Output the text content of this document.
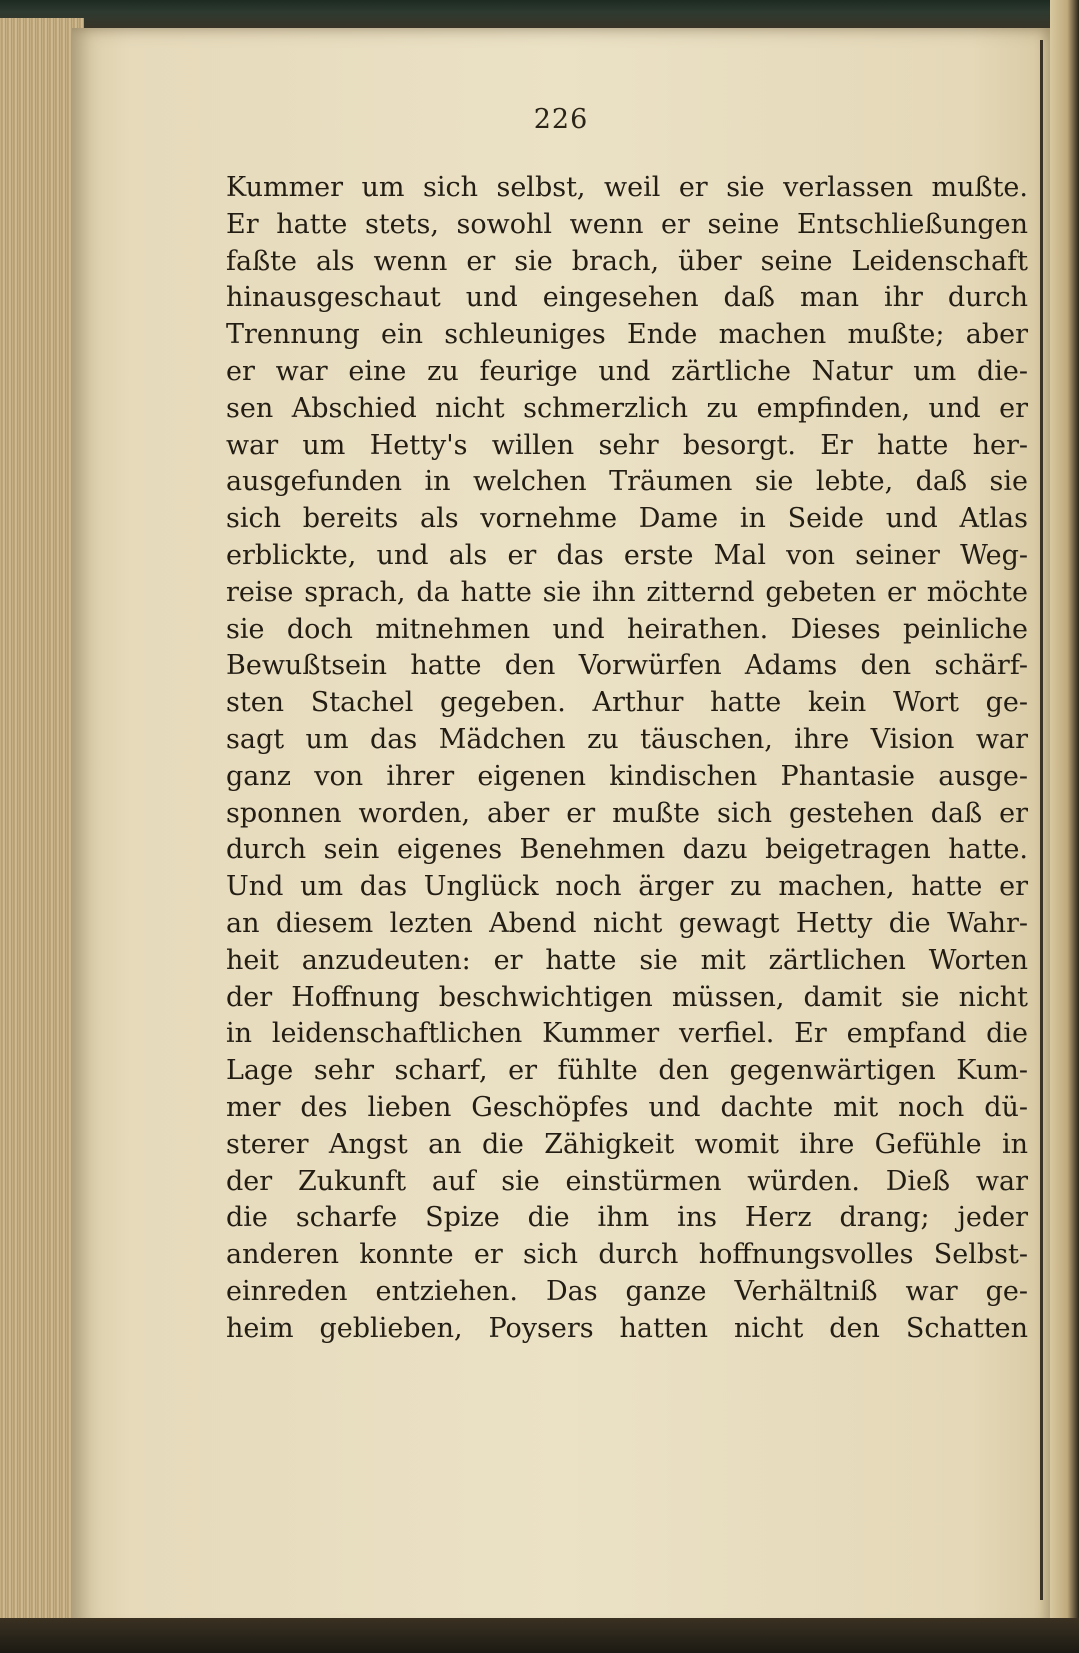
226
Kummer um sich selbst, weil er sie verlassen mußte.
Er hatte stets, sowohl wenn er seine Entschließungen
faßte als wenn er sie brach, über seine Leidenschaft
hinausgeschaut und eingesehen daß man ihr durch
Trennung ein schleuniges Ende machen mußte; aber
er war eine zu feurige und zärtliche Natur um die-
sen Abschied nicht schmerzlich zu empfinden, und er
war um Hetty's willen sehr besorgt. Er hatte her-
ausgefunden in welchen Träumen sie lebte, daß sie
sich bereits als vornehme Dame in Seide und Atlas
erblickte, und als er das erste Mal von seiner Weg-
reise sprach, da hatte sie ihn zitternd gebeten er möchte
sie doch mitnehmen und heirathen. Dieses peinliche
Bewußtsein hatte den Vorwürfen Adams den schärf-
sten Stachel gegeben. Arthur hatte kein Wort ge-
sagt um das Mädchen zu täuschen, ihre Vision war
ganz von ihrer eigenen kindischen Phantasie ausge-
sponnen worden, aber er mußte sich gestehen daß er
durch sein eigenes Benehmen dazu beigetragen hatte.
Und um das Unglück noch ärger zu machen, hatte er
an diesem lezten Abend nicht gewagt Hetty die Wahr-
heit anzudeuten: er hatte sie mit zärtlichen Worten
der Hoffnung beschwichtigen müssen, damit sie nicht
in leidenschaftlichen Kummer verfiel. Er empfand die
Lage sehr scharf, er fühlte den gegenwärtigen Kum-
mer des lieben Geschöpfes und dachte mit noch dü-
sterer Angst an die Zähigkeit womit ihre Gefühle in
der Zukunft auf sie einstürmen würden. Dieß war
die scharfe Spize die ihm ins Herz drang; jeder
anderen konnte er sich durch hoffnungsvolles Selbst-
einreden entziehen. Das ganze Verhältniß war ge-
heim geblieben, Poysers hatten nicht den Schatten
